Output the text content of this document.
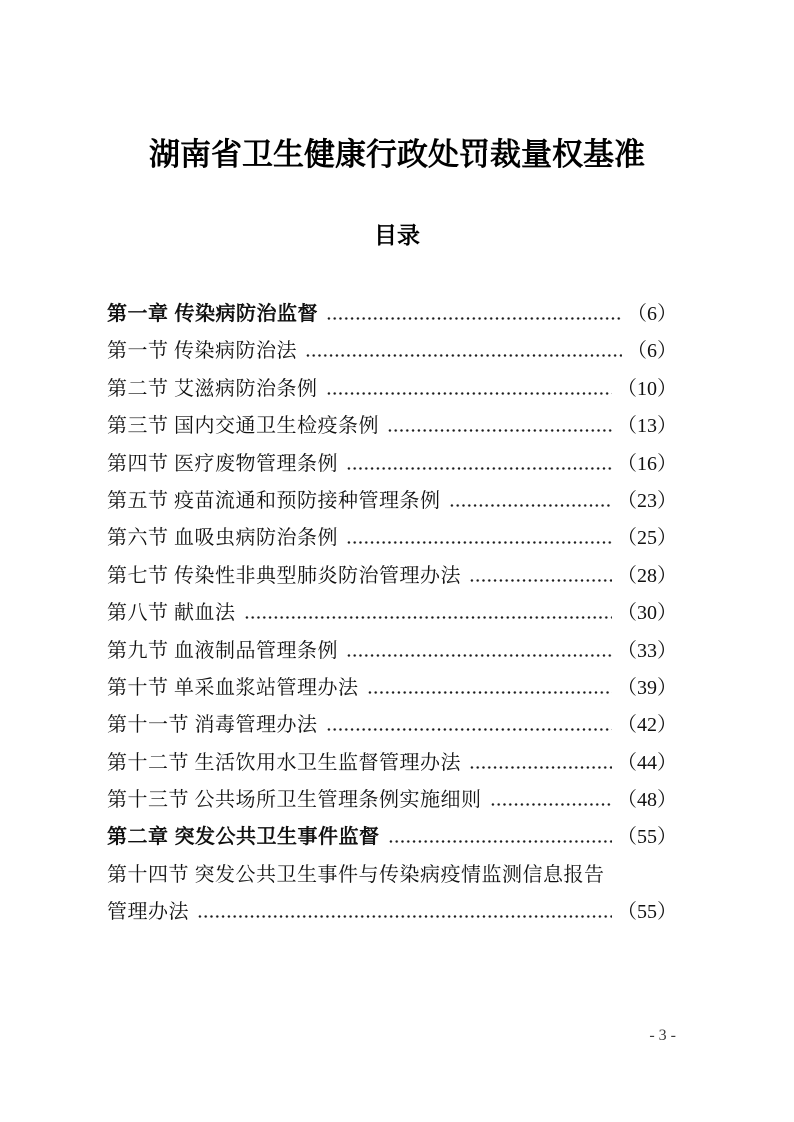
湖南省卫生健康行政处罚裁量权基准
目录
第一章 传染病防治监督	（6）
第一节 传染病防治法	（6）
第二节 艾滋病防治条例	（10）
第三节 国内交通卫生检疫条例	（13）
第四节 医疗废物管理条例	（16）
第五节 疫苗流通和预防接种管理条例	（23）
第六节 血吸虫病防治条例	（25）
第七节 传染性非典型肺炎防治管理办法	（28）
第八节 献血法	（30）
第九节 血液制品管理条例	（33）
第十节 单采血浆站管理办法	（39）
第十一节 消毒管理办法	（42）
第十二节 生活饮用水卫生监督管理办法	（44）
第十三节 公共场所卫生管理条例实施细则	（48）
第二章 突发公共卫生事件监督	（55）
第十四节 突发公共卫生事件与传染病疫情监测信息报告
管理办法	（55）
- 3 -
